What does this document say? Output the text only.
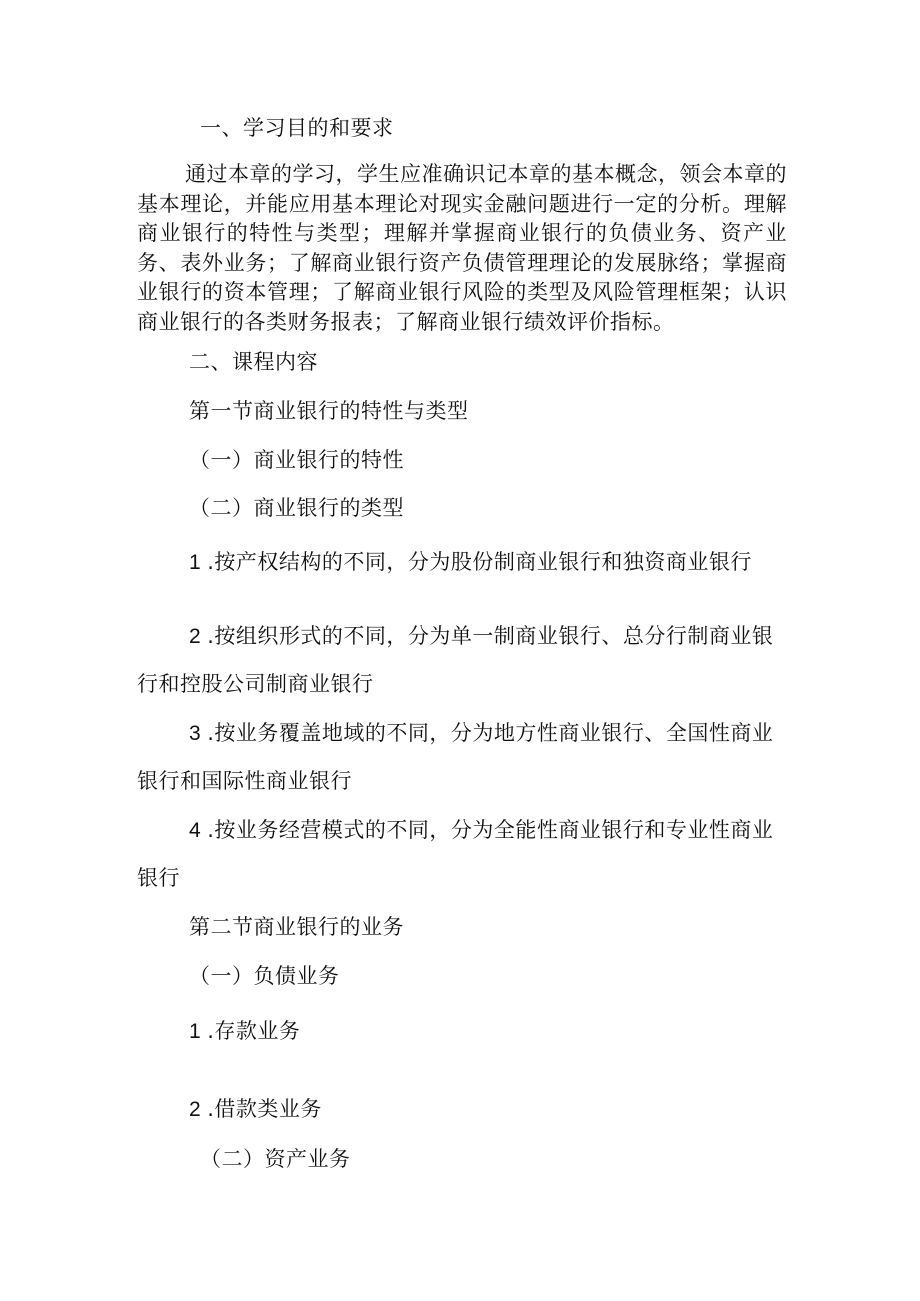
一、学习目的和要求
通过本章的学习，学生应准确识记本章的基本概念，领会本章的基本理论，并能应用基本理论对现实金融问题进行一定的分析。理解商业银行的特性与类型；理解并掌握商业银行的负债业务、资产业务、表外业务；了解商业银行资产负债管理理论的发展脉络；掌握商业银行的资本管理；了解商业银行风险的类型及风险管理框架；认识商业银行的各类财务报表；了解商业银行绩效评价指标。
二、课程内容
第一节商业银行的特性与类型
（一）商业银行的特性
（二）商业银行的类型
1 .按产权结构的不同，分为股份制商业银行和独资商业银行
2 .按组织形式的不同，分为单一制商业银行、总分行制商业银
行和控股公司制商业银行
3 .按业务覆盖地域的不同，分为地方性商业银行、全国性商业
银行和国际性商业银行
4 .按业务经营模式的不同，分为全能性商业银行和专业性商业
银行
第二节商业银行的业务
（一）负债业务
1 .存款业务
2 .借款类业务
（二）资产业务
